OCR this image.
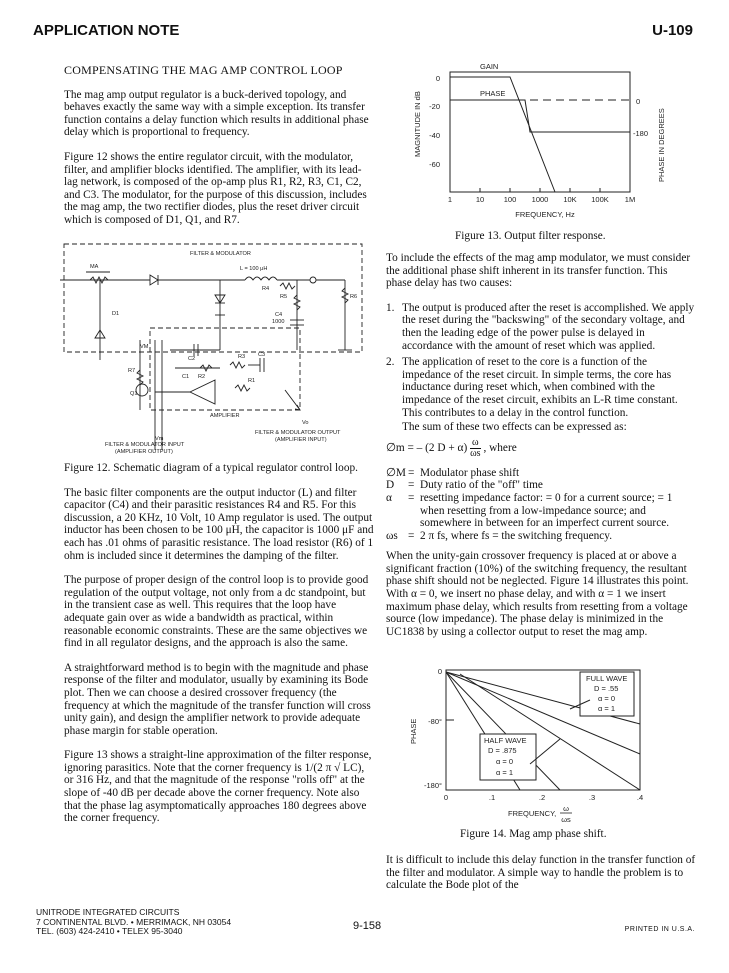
APPLICATION NOTE	U-109
COMPENSATING THE MAG AMP CONTROL LOOP

The mag amp output regulator is a buck-derived topology, and behaves exactly the same way with a simple exception. Its transfer function contains a delay function which results in additional phase delay which is proportional to frequency.

Figure 12 shows the entire regulator circuit, with the modulator, filter, and amplifier blocks identified. The amplifier, with its lead-lag network, is composed of the op-amp plus R1, R2, R3, C1, C2, and C3. The modulator, for the purpose of this discussion, includes the mag amp, the two rectifier diodes, plus the reset driver circuit which is composed of D1, Q1, and R7.

FILTER & MODULATOR
MA	L = 100 μH
R4
R5	R6
C4
1000
D1
VM
C2	R3 C3
C1 R2
R1
R7
Q1
AMPLIFIER
Vo
FILTER & MODULATOR OUTPUT
(AMPLIFIER INPUT)
Vm
FILTER & MODULATOR INPUT
(AMPLIFIER OUTPUT)

Figure 12. Schematic diagram of a typical regulator control loop.

The basic filter components are the output inductor (L) and filter capacitor (C4) and their parasitic resistances R4 and R5. For this discussion, a 20 KHz, 10 Volt, 10 Amp regulator is used. The output inductor has been chosen to be 100 μH, the capacitor is 1000 μF and each has .01 ohms of parasitic resistance. The load resistor (R6) of 1 ohm is included since it determines the damping of the filter.

The purpose of proper design of the control loop is to provide good regulation of the output voltage, not only from a dc standpoint, but in the transient case as well. This requires that the loop have adequate gain over as wide a bandwidth as practical, within reasonable economic constraints. These are the same objectives we find in all regulator designs, and the approach is also the same.

A straightforward method is to begin with the magnitude and phase response of the filter and modulator, usually by examining its Bode plot. Then we can choose a desired crossover frequency (the frequency at which the magnitude of the transfer function will cross unity gain), and design the amplifier network to provide adequate phase margin for stable operation.

Figure 13 shows a straight-line approximation of the filter response, ignoring parasitics. Note that the corner frequency is 1/(2 π √ LC), or 316 Hz, and that the magnitude of the response "rolls off" at the slope of -40 dB per decade above the corner frequency. Note also that the phase lag asymptomatically approaches 180 degrees above the corner frequency.

MAGNITUDE IN dB	PHASE IN DEGREES
0
-20
-40
-60
0
-180
1	10	100 1000 10K 100K 1M
FREQUENCY, Hz
GAIN
PHASE
Figure 13. Output filter response.

To include the effects of the mag amp modulator, we must consider the additional phase shift inherent in its transfer function. This phase delay has two causes:

1. The output is produced after the reset is accomplished. We apply the reset during the "backswing" of the secondary voltage, and then the leading edge of the power pulse is delayed in accordance with the amount of reset which was applied.
2. The application of reset to the core is a function of the impedance of the reset circuit. In simple terms, the core has inductance during reset which, when combined with the impedance of the reset circuit, exhibits an L-R time constant. This contributes to a delay in the control function.
The sum of these two effects can be expressed as:
∅m = – (2 $D + \alpha) \frac{\omega}{\omega s}$ , where
∅M = Modulator phase shift
D	= Duty ratio of the "off" time
α	= resetting impedance factor: = 0 for a current source; = 1 when resetting from a low-impedance source; and somewhere in between for an imperfect current source.
ωs = 2 π fs, where fs = the switching frequency.

When the unity-gain crossover frequency is placed at or above a significant fraction (10%) of the switching frequency, the resultant phase shift should not be neglected. Figure 14 illustrates this point. With α = 0, we insert no phase delay, and with α = 1 we insert maximum phase delay, which results from resetting from a voltage source (low impedance). The phase delay is minimized in the UC1838 by using a collector output to reset the mag amp.

PHASE
0
-80°
-180°
0	.1	.2	.3	.4
FREQUENCY,
ω
ωs
FULL WAVE
D = .55
α = 0
α = 1
HALF WAVE
D = .875
α = 0
α = 1
Figure 14. Mag amp phase shift.

It is difficult to include this delay function in the transfer function of the filter and modulator. A simple way to handle the problem is to calculate the Bode plot of the

UNITRODE INTEGRATED CIRCUITS
7 CONTINENTAL BLVD. • MERRIMACK, NH 03054
TEL. (603) 424-2410 • TELEX 95-3040	9-158	PRINTED IN U.S.A.
